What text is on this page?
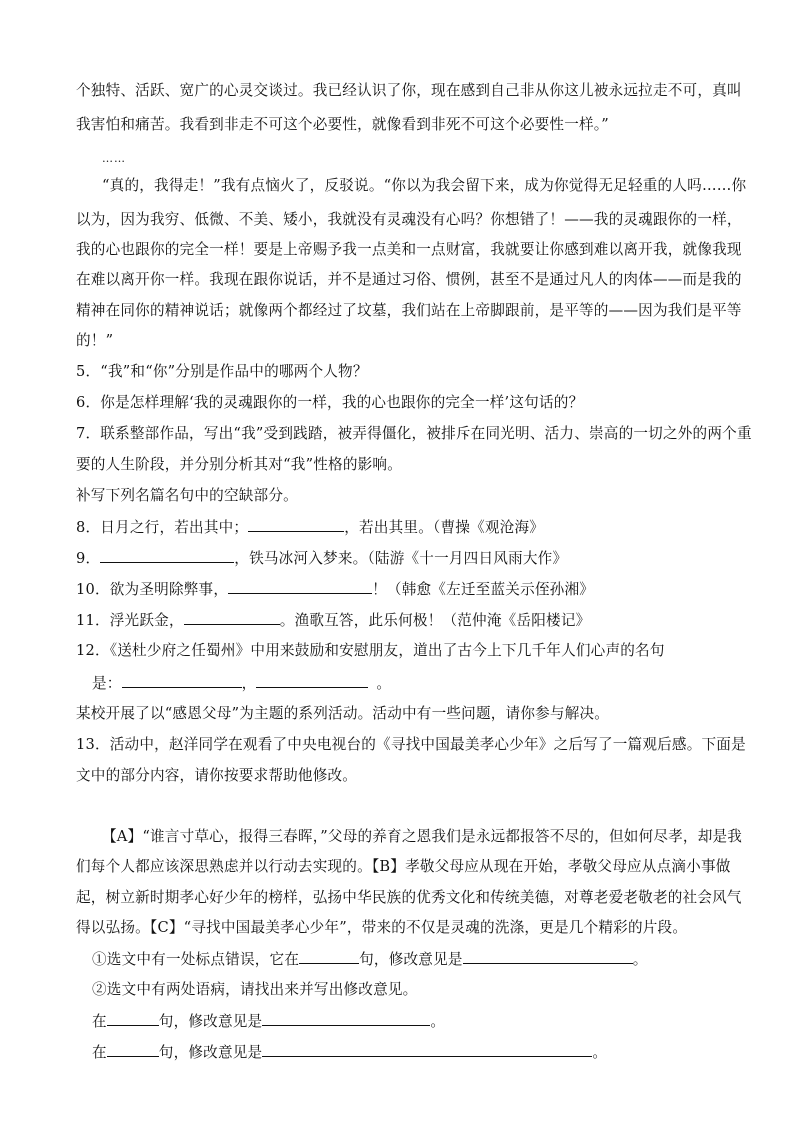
个独特、活跃、宽广的心灵交谈过。我已经认识了你，现在感到自己非从你这儿被永远拉走不可，真叫
我害怕和痛苦。我看到非走不可这个必要性，就像看到非死不可这个必要性一样。”
……
“真的，我得走！”我有点恼火了，反驳说。“你以为我会留下来，成为你觉得无足轻重的人吗……你
以为，因为我穷、低微、不美、矮小，我就没有灵魂没有心吗？你想错了！——我的灵魂跟你的一样，
我的心也跟你的完全一样！要是上帝赐予我一点美和一点财富，我就要让你感到难以离开我，就像我现
在难以离开你一样。我现在跟你说话，并不是通过习俗、惯例，甚至不是通过凡人的肉体——而是我的
精神在同你的精神说话；就像两个都经过了坟墓，我们站在上帝脚跟前，是平等的——因为我们是平等
的！”
5．“我”和“你”分别是作品中的哪两个人物？
6．你是怎样理解‘我的灵魂跟你的一样，我的心也跟你的完全一样’这句话的？
7．联系整部作品，写出“我”受到践踏，被弄得僵化，被排斥在同光明、活力、崇高的一切之外的两个重
要的人生阶段，并分别分析其对“我”性格的影响。
补写下列名篇名句中的空缺部分。
8．日月之行，若出其中；	，若出其里。（曹操《观沧海》
9．	，铁马冰河入梦来。（陆游《十一月四日风雨大作》
10．欲为圣明除弊事，	！（韩愈《左迁至蓝关示侄孙湘》
11．浮光跃金，	。渔歌互答，此乐何极！（范仲淹《岳阳楼记》
12．《送杜少府之任蜀州》中用来鼓励和安慰朋友，道出了古今上下几千年人们心声的名句
是：	，	。
某校开展了以“感恩父母”为主题的系列活动。活动中有一些问题，请你参与解决。
13．活动中，赵洋同学在观看了中央电视台的《寻找中国最美孝心少年》之后写了一篇观后感。下面是
文中的部分内容，请你按要求帮助他修改。
【A】“谁言寸草心，报得三春晖，”父母的养育之恩我们是永远都报答不尽的，但如何尽孝，却是我
们每个人都应该深思熟虑并以行动去实现的。【B】孝敬父母应从现在开始，孝敬父母应从点滴小事做
起，树立新时期孝心好少年的榜样，弘扬中华民族的优秀文化和传统美德，对尊老爱老敬老的社会风气
得以弘扬。【C】“寻找中国最美孝心少年”，带来的不仅是灵魂的洗涤，更是几个精彩的片段。
①选文中有一处标点错误，它在	句，修改意见是	。
②选文中有两处语病，请找出来并写出修改意见。
在	句，修改意见是	。
在	句，修改意见是	。
